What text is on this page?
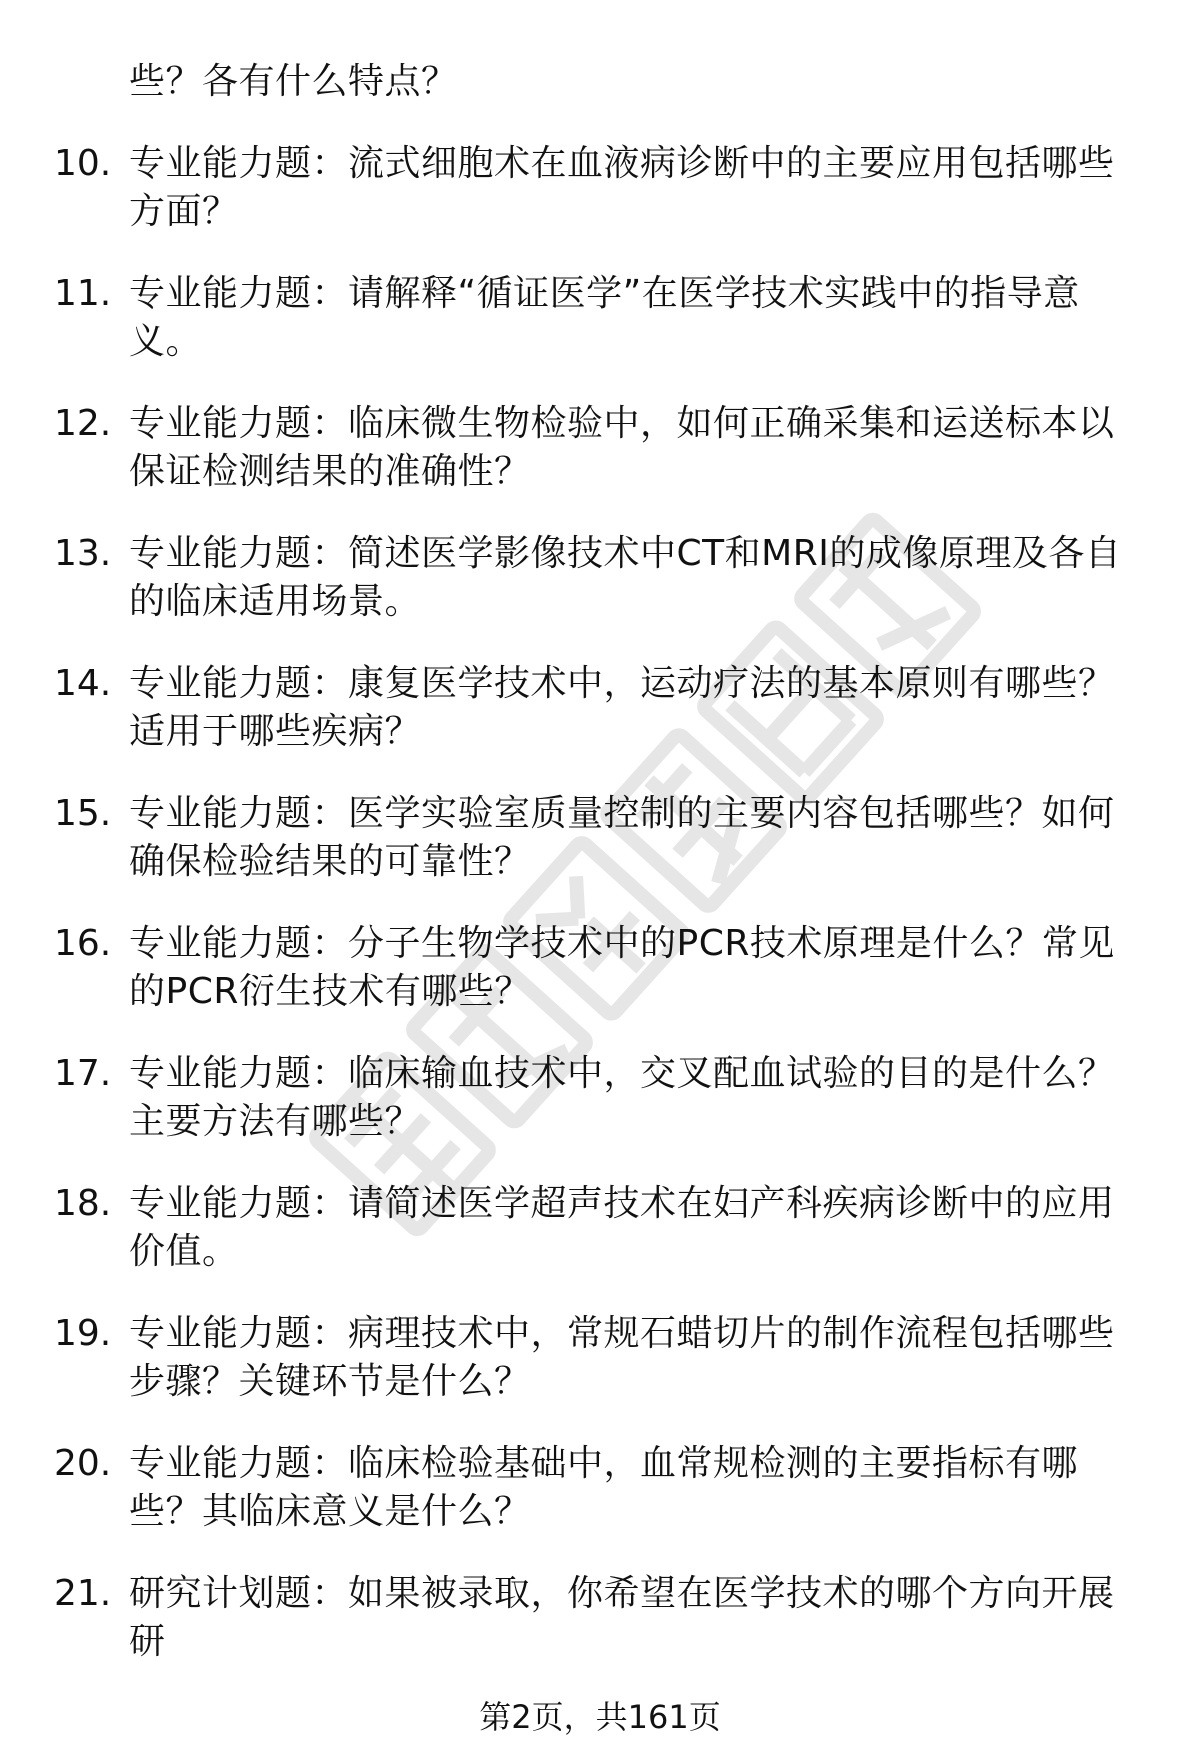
些？各有什么特点？
10. 专业能力题：流式细胞术在血液病诊断中的主要应用包括哪些方面？
11. 专业能力题：请解释“循证医学”在医学技术实践中的指导意义。
12. 专业能力题：临床微生物检验中，如何正确采集和运送标本以保证检测结果的准确性？
13. 专业能力题：简述医学影像技术中CT和MRI的成像原理及各自的临床适用场景。
14. 专业能力题：康复医学技术中，运动疗法的基本原则有哪些？适用于哪些疾病？
15. 专业能力题：医学实验室质量控制的主要内容包括哪些？如何确保检验结果的可靠性？
16. 专业能力题：分子生物学技术中的PCR技术原理是什么？常见的PCR衍生技术有哪些？
17. 专业能力题：临床输血技术中，交叉配血试验的目的是什么？主要方法有哪些？
18. 专业能力题：请简述医学超声技术在妇产科疾病诊断中的应用价值。
19. 专业能力题：病理技术中，常规石蜡切片的制作流程包括哪些步骤？关键环节是什么？
20. 专业能力题：临床检验基础中，血常规检测的主要指标有哪些？其临床意义是什么？
21. 研究计划题：如果被录取，你希望在医学技术的哪个方向开展研
第2页，共161页
